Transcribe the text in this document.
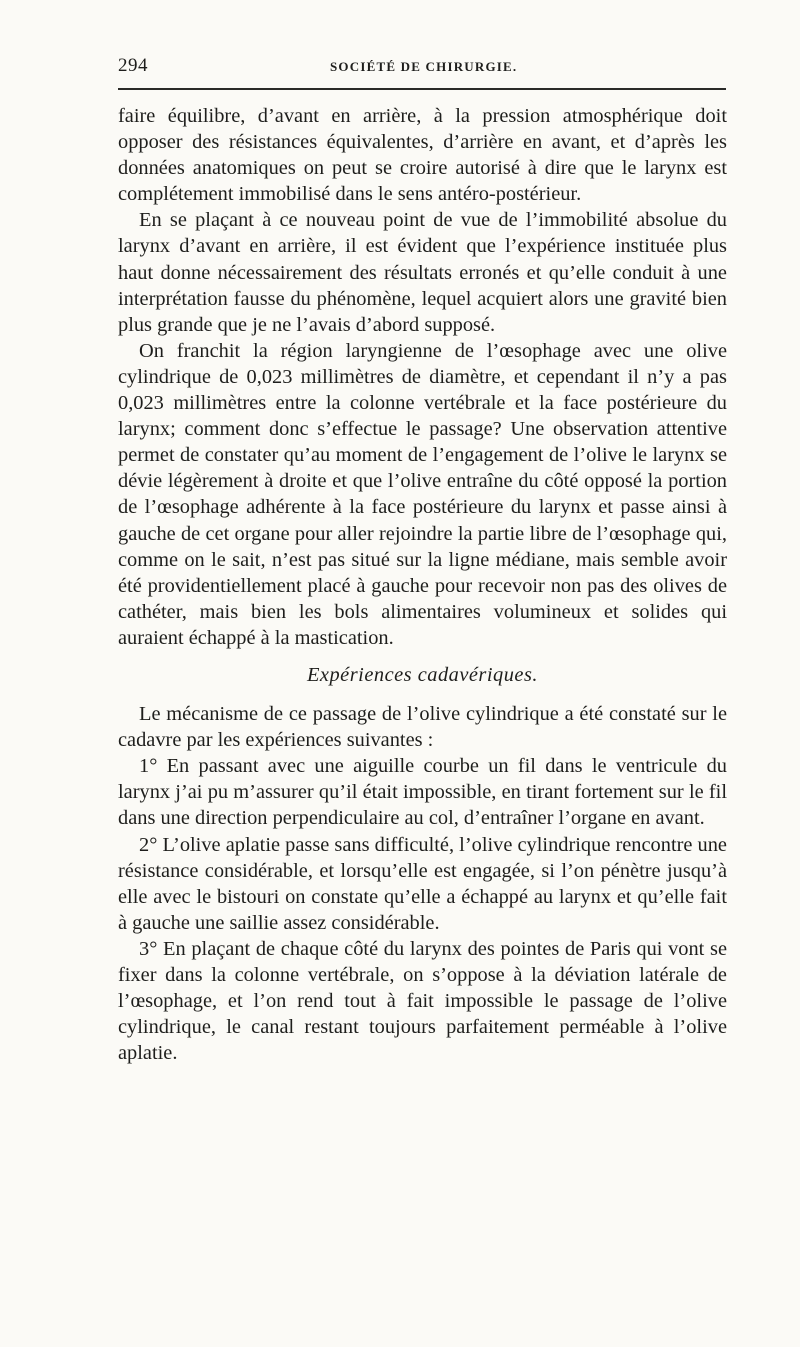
294	SOCIÉTÉ DE CHIRURGIE.

faire équilibre, d’avant en arrière, à la pression atmosphérique doit opposer des résistances équivalentes, d’arrière en avant, et d’après les données anatomiques on peut se croire autorisé à dire que le larynx est complétement immobilisé dans le sens antéro-postérieur.

En se plaçant à ce nouveau point de vue de l’immobilité absolue du larynx d’avant en arrière, il est évident que l’expérience instituée plus haut donne nécessairement des résultats erronés et qu’elle conduit à une interprétation fausse du phénomène, lequel acquiert alors une gravité bien plus grande que je ne l’avais d’abord supposé.

On franchit la région laryngienne de l’œsophage avec une olive cylindrique de 0,023 millimètres de diamètre, et cependant il n’y a pas 0,023 millimètres entre la colonne vertébrale et la face postérieure du larynx; comment donc s’effectue le passage? Une observation attentive permet de constater qu’au moment de l’engagement de l’olive le larynx se dévie légèrement à droite et que l’olive entraîne du côté opposé la portion de l’œsophage adhérente à la face postérieure du larynx et passe ainsi à gauche de cet organe pour aller rejoindre la partie libre de l’œsophage qui, comme on le sait, n’est pas situé sur la ligne médiane, mais semble avoir été providentiellement placé à gauche pour recevoir non pas des olives de cathéter, mais bien les bols alimentaires volumineux et solides qui auraient échappé à la mastication.

Expériences cadavériques.

Le mécanisme de ce passage de l’olive cylindrique a été constaté sur le cadavre par les expériences suivantes :

1° En passant avec une aiguille courbe un fil dans le ventricule du larynx j’ai pu m’assurer qu’il était impossible, en tirant fortement sur le fil dans une direction perpendiculaire au col, d’entraîner l’organe en avant.

2° L’olive aplatie passe sans difficulté, l’olive cylindrique rencontre une résistance considérable, et lorsqu’elle est engagée, si l’on pénètre jusqu’à elle avec le bistouri on constate qu’elle a échappé au larynx et qu’elle fait à gauche une saillie assez considérable.

3° En plaçant de chaque côté du larynx des pointes de Paris qui vont se fixer dans la colonne vertébrale, on s’oppose à la déviation latérale de l’œsophage, et l’on rend tout à fait impossible le passage de l’olive cylindrique, le canal restant toujours parfaitement perméable à l’olive aplatie.
